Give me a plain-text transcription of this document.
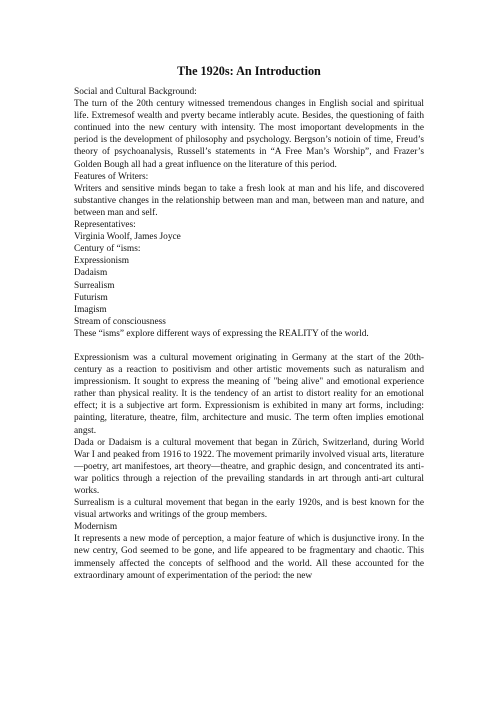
The 1920s: An Introduction

Social and Cultural Background:

The turn of the 20th century witnessed tremendous changes in English social and spiritual life. Extremesof wealth and pverty became intlerably acute. Besides, the questioning of faith continued into the new century with intensity. The most imoportant developments in the period is the development of philosophy and psychology. Bergson’s notioin of time, Freud’s theory of psychoanalysis, Russell’s statements in “A Free Man’s Worship”, and Frazer’s Golden Bough all had a great influence on the literature of this period.

Features of Writers:

Writers and sensitive minds began to take a fresh look at man and his life, and discovered substantive changes in the relationship between man and man, between man and nature, and between man and self.

Representatives:

Virginia Woolf, James Joyce

Century of “isms:

Expressionism

Dadaism

Surrealism

Futurism

Imagism

Stream of consciousness

These “isms” explore different ways of expressing the REALITY of the world.

Expressionism was a cultural movement originating in Germany at the start of the 20th-century as a reaction to positivism and other artistic movements such as naturalism and impressionism. It sought to express the meaning of "being alive" and emotional experience rather than physical reality. It is the tendency of an artist to distort reality for an emotional effect; it is a subjective art form. Expressionism is exhibited in many art forms, including: painting, literature, theatre, film, architecture and music. The term often implies emotional angst.

Dada or Dadaism is a cultural movement that began in Zürich, Switzerland, during World War I and peaked from 1916 to 1922. The movement primarily involved visual arts, literature—poetry, art manifestoes, art theory—theatre, and graphic design, and concentrated its anti-war politics through a rejection of the prevailing standards in art through anti-art cultural works.

Surrealism is a cultural movement that began in the early 1920s, and is best known for the visual artworks and writings of the group members.

Modernism

It represents a new mode of perception, a major feature of which is dusjunctive irony. In the new centry, God seemed to be gone, and life appeared to be fragmentary and chaotic. This immensely affected the concepts of selfhood and the world. All these accounted for the extraordinary amount of experimentation of the period: the new
